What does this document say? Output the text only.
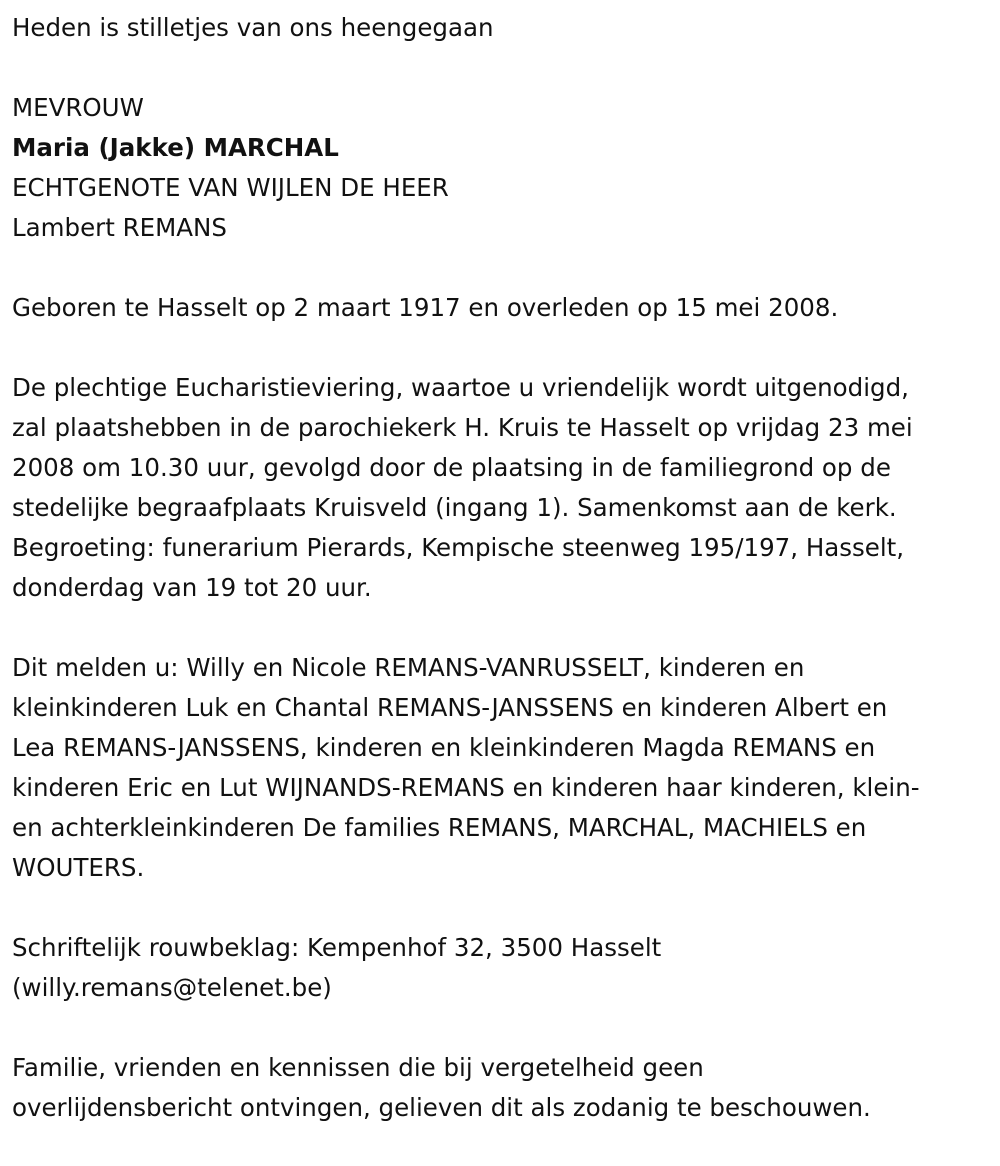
Heden is stilletjes van ons heengegaan
MEVROUW
Maria (Jakke) MARCHAL
ECHTGENOTE VAN WIJLEN DE HEER
Lambert REMANS
Geboren te Hasselt op 2 maart 1917 en overleden op 15 mei 2008.
De plechtige Eucharistieviering, waartoe u vriendelijk wordt uitgenodigd,
zal plaatshebben in de parochiekerk H. Kruis te Hasselt op vrijdag 23 mei
2008 om 10.30 uur, gevolgd door de plaatsing in de familiegrond op de
stedelijke begraafplaats Kruisveld (ingang 1). Samenkomst aan de kerk.
Begroeting: funerarium Pierards, Kempische steenweg 195/197, Hasselt,
donderdag van 19 tot 20 uur.
Dit melden u: Willy en Nicole REMANS-VANRUSSELT, kinderen en
kleinkinderen Luk en Chantal REMANS-JANSSENS en kinderen Albert en
Lea REMANS-JANSSENS, kinderen en kleinkinderen Magda REMANS en
kinderen Eric en Lut WIJNANDS-REMANS en kinderen haar kinderen, klein-
en achterkleinkinderen De families REMANS, MARCHAL, MACHIELS en
WOUTERS.
Schriftelijk rouwbeklag: Kempenhof 32, 3500 Hasselt
(willy.remans@telenet.be)
Familie, vrienden en kennissen die bij vergetelheid geen
overlijdensbericht ontvingen, gelieven dit als zodanig te beschouwen.
